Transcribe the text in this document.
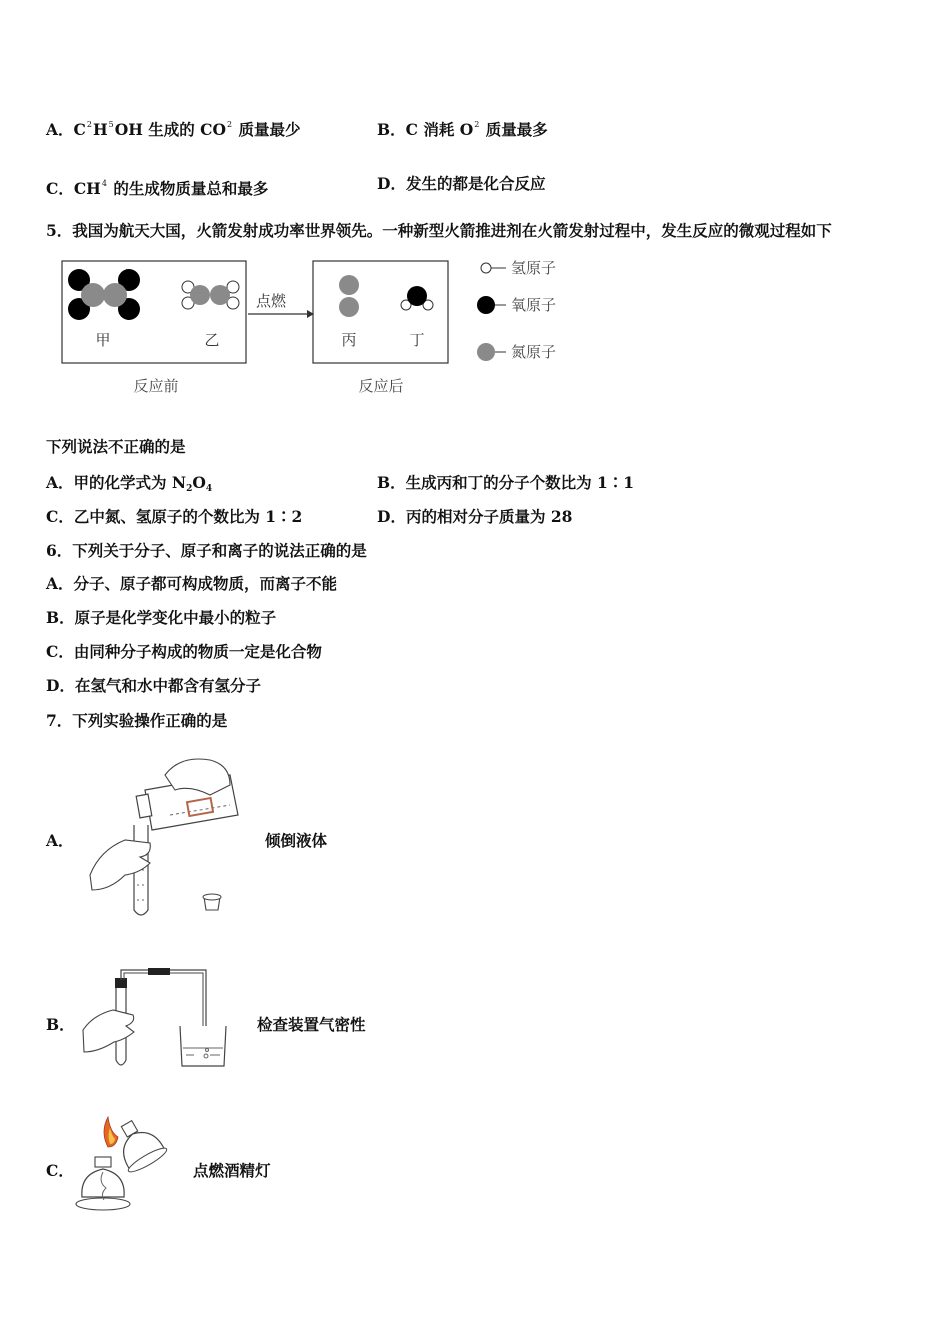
A．$C^2H^5OH$ 生成的 $CO^2$ 质量最少	B．C 消耗 $O^2$ 质量最多
C．$CH^4$ 的生成物质量总和最多	D．发生的都是化合反应
5．我国为航天大国，火箭发射成功率世界领先。一种新型火箭推进剂在火箭发射过程中，发生反应的微观过程如下
甲	乙
点燃
丙	丁
反应前	反应后
氢原子
氧原子
氮原子
下列说法不正确的是
A．甲的化学式为 $N_2O_4$	B．生成丙和丁的分子个数比为 1∶1
C．乙中氮、氢原子的个数比为 1∶2	D．丙的相对分子质量为 28
6．下列关于分子、原子和离子的说法正确的是
A．分子、原子都可构成物质，而离子不能
B．原子是化学变化中最小的粒子
C．由同种分子构成的物质一定是化合物
D．在氢气和水中都含有氢分子
7．下列实验操作正确的是
A．	倾倒液体
B．	检查装置气密性
C．	点燃酒精灯
